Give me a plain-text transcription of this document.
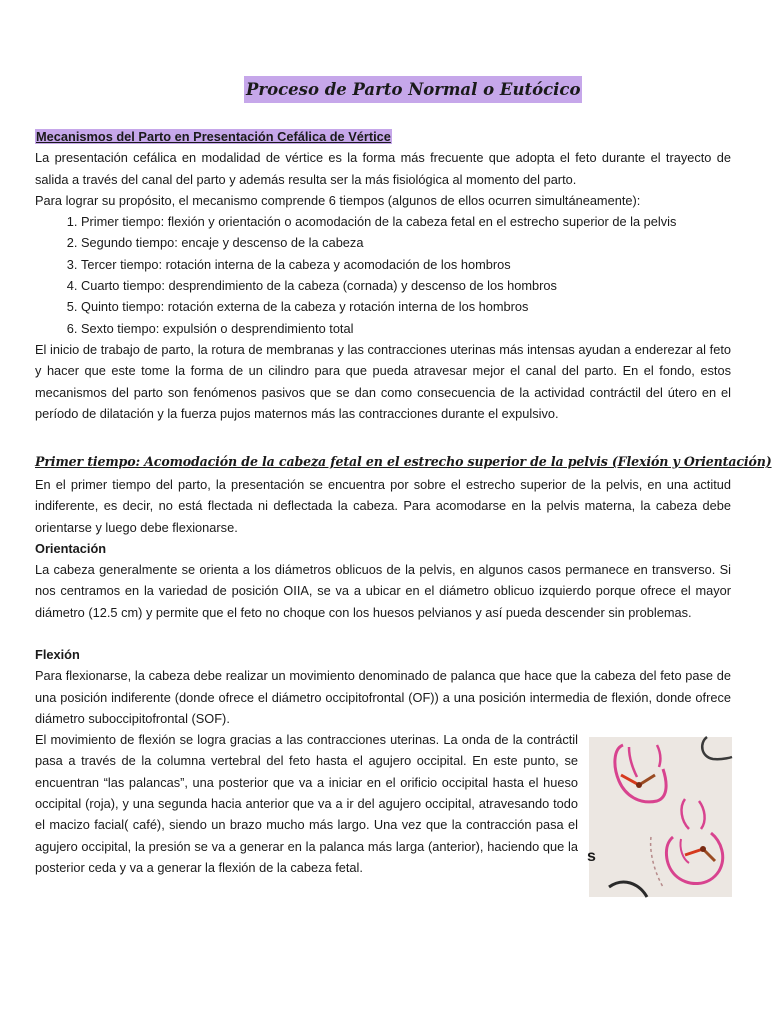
Proceso de Parto Normal o Eutócico

Mecanismos del Parto en Presentación Cefálica de Vértice

La presentación cefálica en modalidad de vértice es la forma más frecuente que adopta el feto durante el trayecto de salida a través del canal del parto y además resulta ser la más fisiológica al momento del parto.

Para lograr su propósito, el mecanismo comprende 6 tiempos (algunos de ellos ocurren simultáneamente):

1. Primer tiempo: flexión y orientación o acomodación de la cabeza fetal en el estrecho superior de la pelvis
2. Segundo tiempo: encaje y descenso de la cabeza
3. Tercer tiempo: rotación interna de la cabeza y acomodación de los hombros
4. Cuarto tiempo: desprendimiento de la cabeza (cornada) y descenso de los hombros
5. Quinto tiempo: rotación externa de la cabeza y rotación interna de los hombros
6. Sexto tiempo: expulsión o desprendimiento total

El inicio de trabajo de parto, la rotura de membranas y las contracciones uterinas más intensas ayudan a enderezar al feto y hacer que este tome la forma de un cilindro para que pueda atravesar mejor el canal del parto. En el fondo, estos mecanismos del parto son fenómenos pasivos que se dan como consecuencia de la actividad contráctil del útero en el período de dilatación y la fuerza pujos maternos más las contracciones durante el expulsivo.

Primer tiempo: Acomodación de la cabeza fetal en el estrecho superior de la pelvis (Flexión y Orientación)

En el primer tiempo del parto, la presentación se encuentra por sobre el estrecho superior de la pelvis, en una actitud indiferente, es decir, no está flectada ni deflectada la cabeza. Para acomodarse en la pelvis materna, la cabeza debe orientarse y luego debe flexionarse.

Orientación

La cabeza generalmente se orienta a los diámetros oblicuos de la pelvis, en algunos casos permanece en transverso. Si nos centramos en la variedad de posición OIIA, se va a ubicar en el diámetro oblicuo izquierdo porque ofrece el mayor diámetro (12.5 cm) y permite que el feto no choque con los huesos pelvianos y así pueda descender sin problemas.

Flexión

Para flexionarse, la cabeza debe realizar un movimiento denominado de palanca que hace que la cabeza del feto pase de una posición indiferente (donde ofrece el diámetro occipitofrontal (OF)) a una posición intermedia de flexión, donde ofrece diámetro suboccipitofrontal (SOF).

El movimiento de flexión se logra gracias a las contracciones uterinas. La onda de la contráctil pasa a través de la columna vertebral del feto hasta el agujero occipital. En este punto, se encuentran “las palancas”, una posterior que va a iniciar en el orificio occipital hasta el hueso occipital (roja), y una segunda hacia anterior que va a ir del agujero occipital, atravesando todo el macizo facial( café), siendo un brazo mucho más largo. Una vez que la contracción pasa el agujero occipital, la presión se va a generar en la palanca más larga (anterior), haciendo que la posterior ceda y va a generar la flexión de la cabeza fetal.

s
